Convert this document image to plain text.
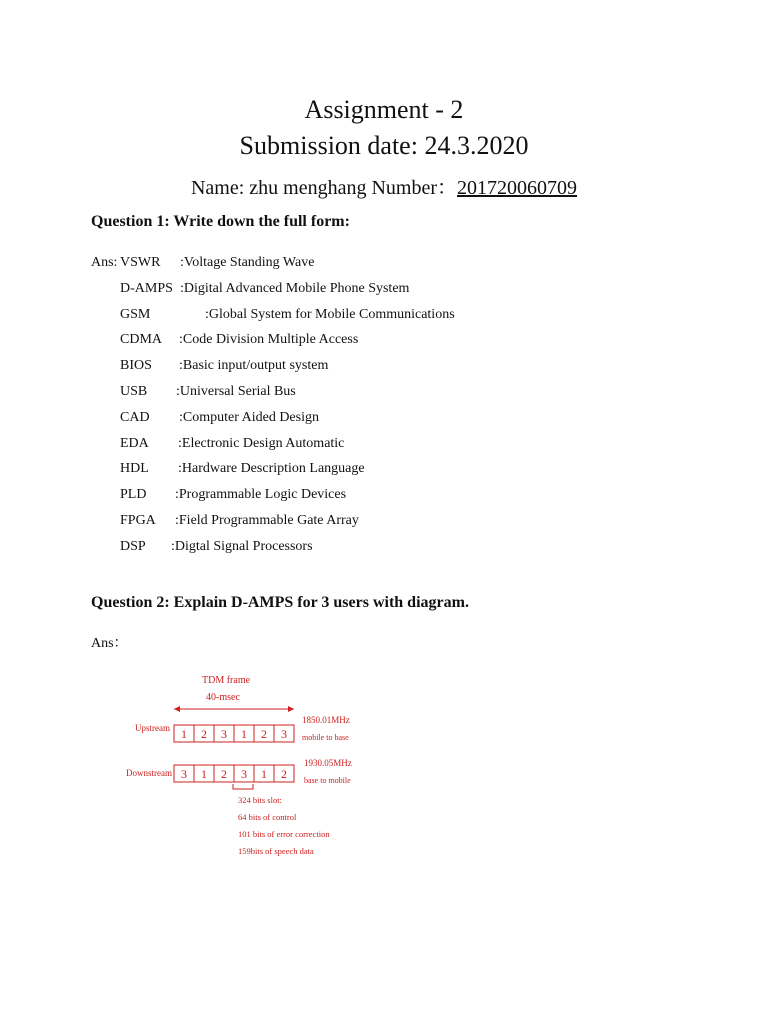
Assignment - 2
Submission date: 24.3.2020
Name: zhu menghang Number：201720060709
Question 1: Write down the full form:
Ans: VSWR :Voltage Standing Wave
D-AMPS :Digital Advanced Mobile Phone System
GSM	:Global System for Mobile Communications
CDMA :Code Division Multiple Access
BIOS :Basic input/output system
USB :Universal Serial Bus
CAD :Computer Aided Design
EDA :Electronic Design Automatic
HDL :Hardware Description Language
PLD :Programmable Logic Devices
FPGA :Field Programmable Gate Array
DSP :Digtal Signal Processors
Question 2: Explain D-AMPS for 3 users with diagram.
Ans：
TDM frame
40-msec
Upstream 1 2 3 1 2 3
1850.01MHz
mobile to base
Downstream 3 1 2 3 1 2
1930.05MHz
base to mobile
324 bits slot:
64 bits of control
101 bits of error correction
159bits of speech data
